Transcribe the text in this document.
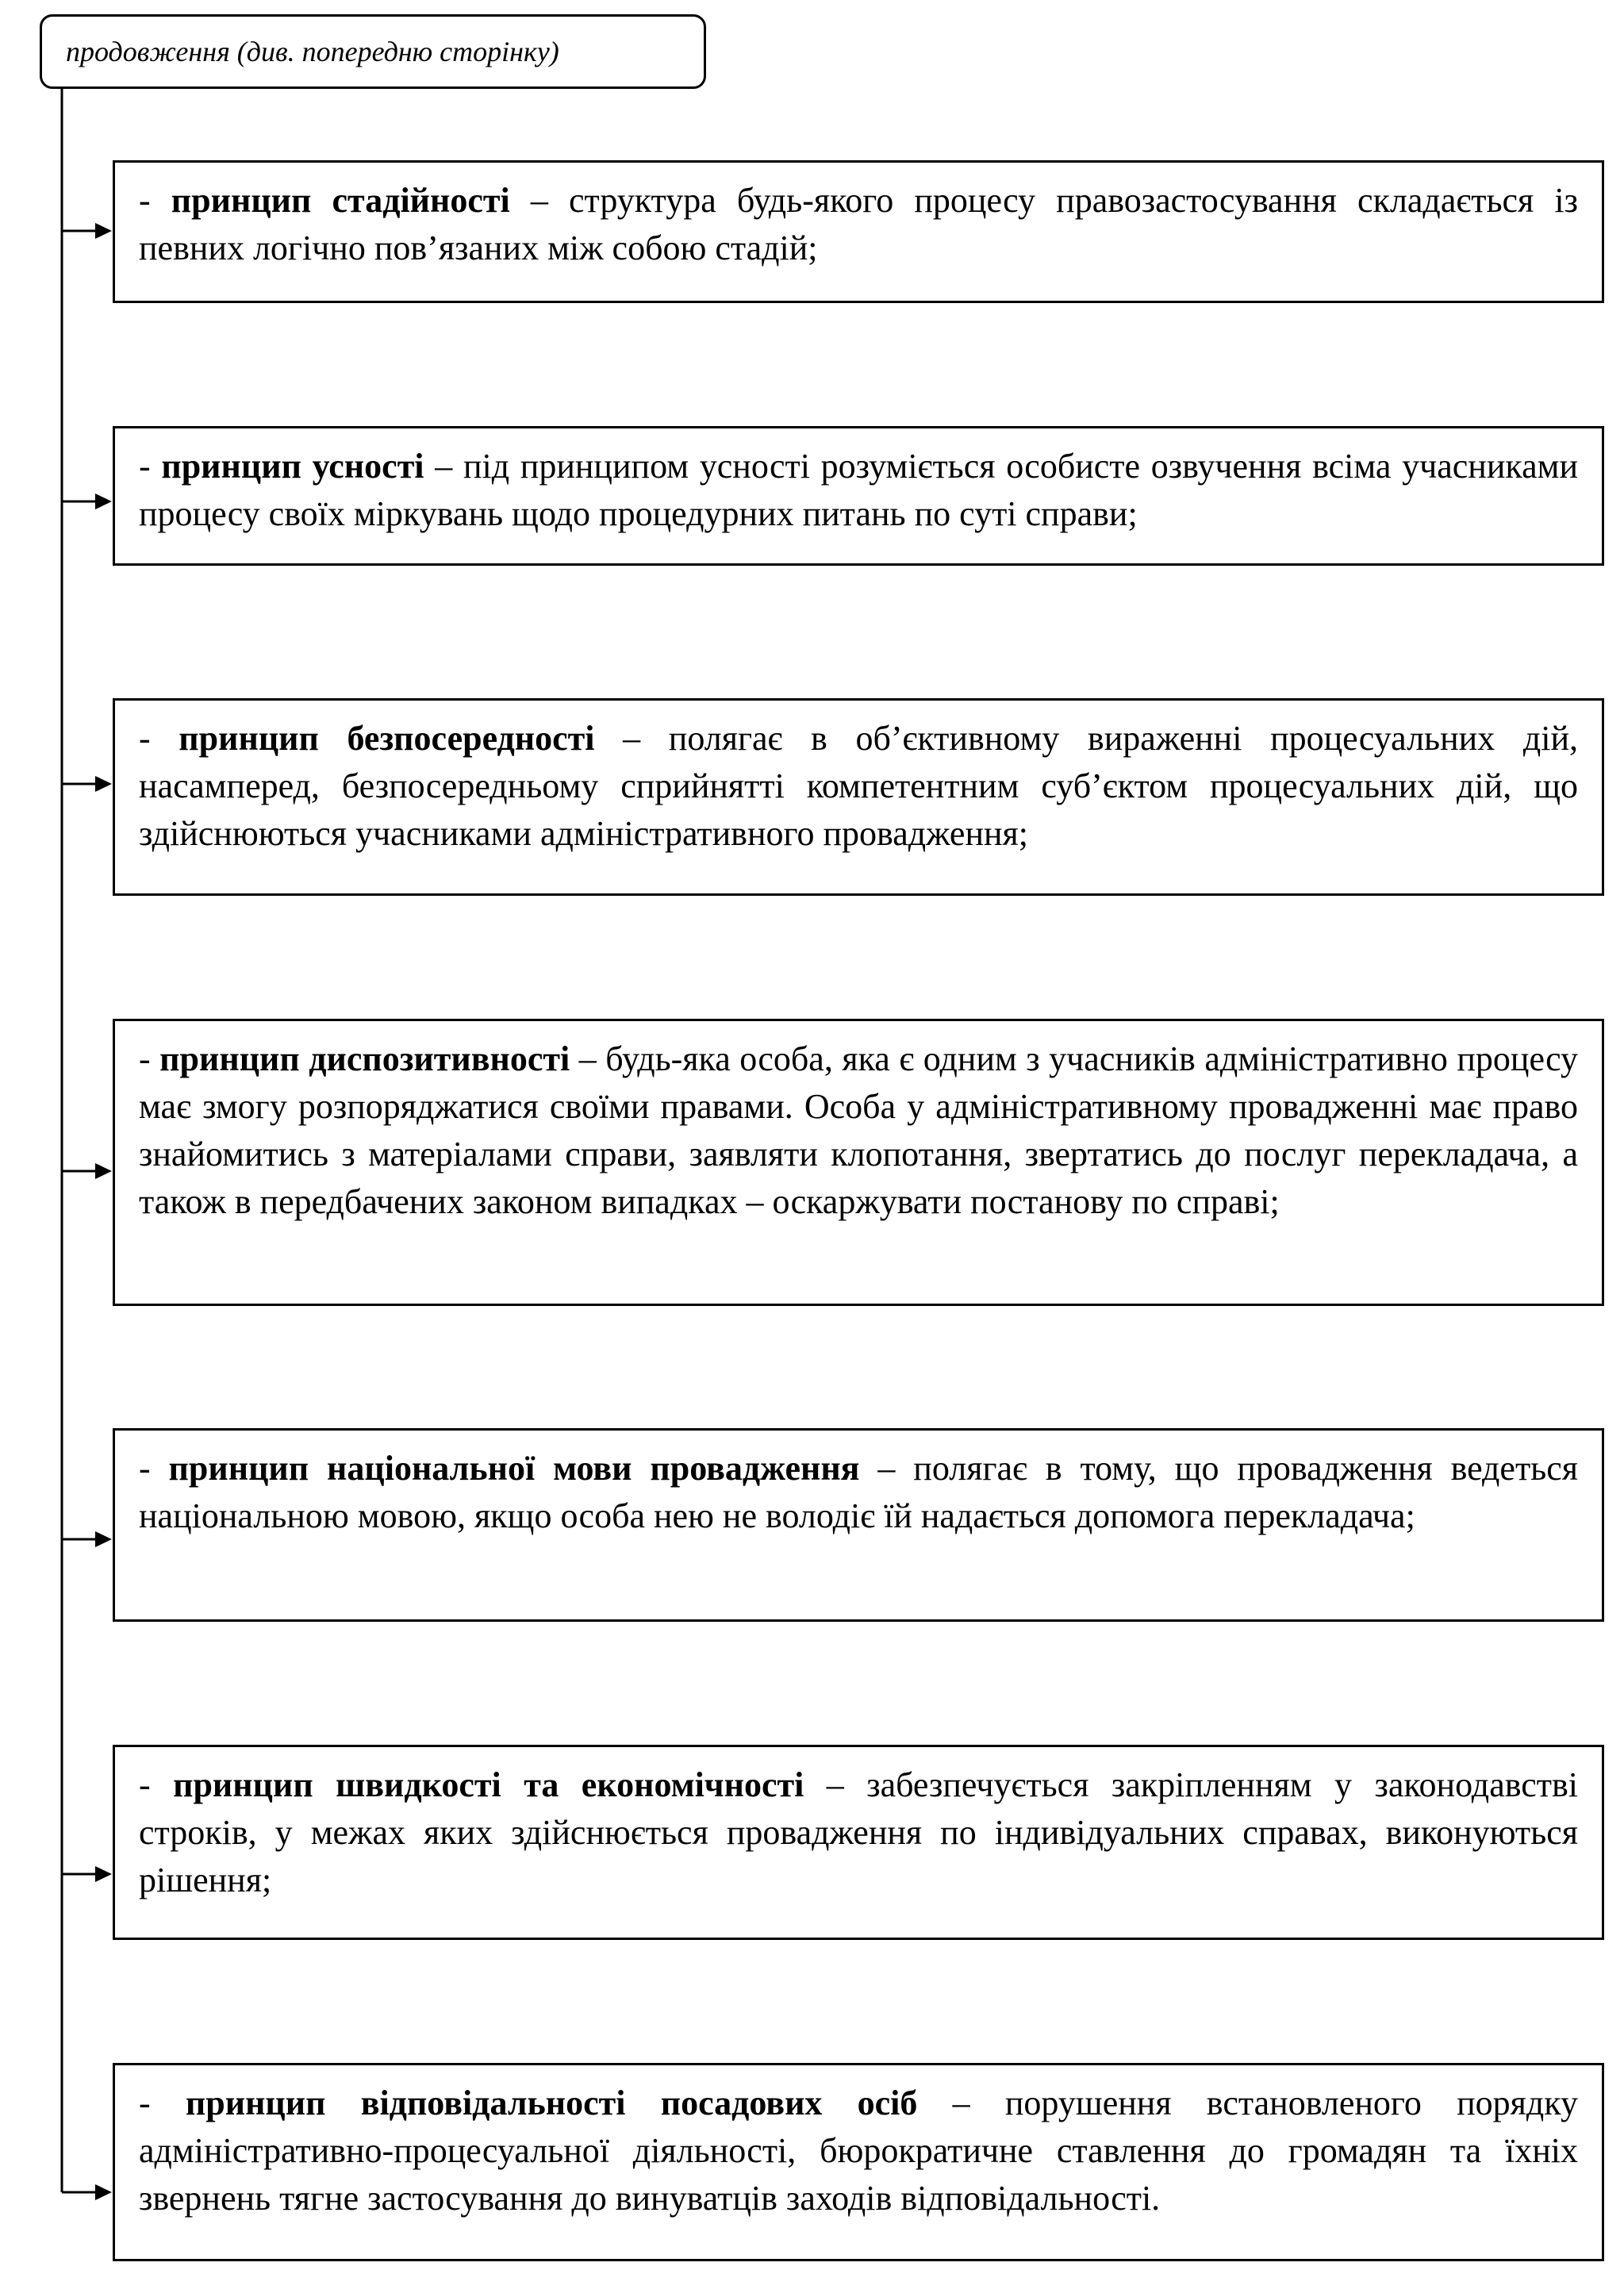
продовження (див. попередню сторінку)

- принцип стадійності – структура будь-якого процесу правозастосування складається із певних логічно пов’язаних між собою стадій;

- принцип усності – під принципом усності розуміється особисте озвучення всіма учасниками процесу своїх міркувань щодо процедурних питань по суті справи;

- принцип безпосередності – полягає в об’єктивному вираженні процесуальних дій, насамперед, безпосередньому сприйнятті компетентним суб’єктом процесуальних дій, що здійснюються учасниками адміністративного провадження;

- принцип диспозитивності – будь-яка особа, яка є одним з учасників адміністративно процесу має змогу розпоряджатися своїми правами. Особа у адміністративному провадженні має право знайомитись з матеріалами справи, заявляти клопотання, звертатись до послуг перекладача, а також в передбачених законом випадках – оскаржувати постанову по справі;

- принцип національної мови провадження – полягає в тому, що провадження ведеться національною мовою, якщо особа нею не володіє їй надається допомога перекладача;

- принцип швидкості та економічності – забезпечується закріпленням у законодавстві строків, у межах яких здійснюється провадження по індивідуальних справах, виконуються рішення;

- принцип відповідальності посадових осіб – порушення встановленого порядку адміністративно-процесуальної діяльності, бюрократичне ставлення до громадян та їхніх звернень тягне застосування до винуватців заходів відповідальності.
